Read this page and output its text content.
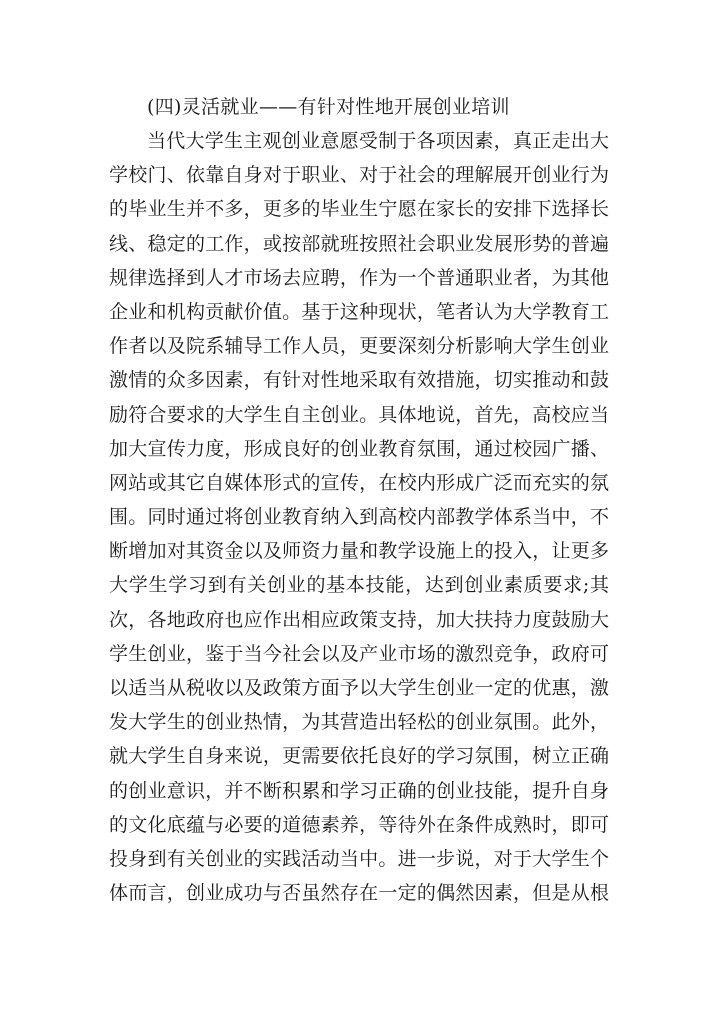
(四)灵活就业——有针对性地开展创业培训
当代大学生主观创业意愿受制于各项因素，真正走出大
学校门、依靠自身对于职业、对于社会的理解展开创业行为
的毕业生并不多，更多的毕业生宁愿在家长的安排下选择长
线、稳定的工作，或按部就班按照社会职业发展形势的普遍
规律选择到人才市场去应聘，作为一个普通职业者，为其他
企业和机构贡献价值。基于这种现状，笔者认为大学教育工
作者以及院系辅导工作人员，更要深刻分析影响大学生创业
激情的众多因素，有针对性地采取有效措施，切实推动和鼓
励符合要求的大学生自主创业。具体地说，首先，高校应当
加大宣传力度，形成良好的创业教育氛围，通过校园广播、
网站或其它自媒体形式的宣传，在校内形成广泛而充实的氛
围。同时通过将创业教育纳入到高校内部教学体系当中，不
断增加对其资金以及师资力量和教学设施上的投入，让更多
大学生学习到有关创业的基本技能，达到创业素质要求;其
次，各地政府也应作出相应政策支持，加大扶持力度鼓励大
学生创业，鉴于当今社会以及产业市场的激烈竞争，政府可
以适当从税收以及政策方面予以大学生创业一定的优惠，激
发大学生的创业热情，为其营造出轻松的创业氛围。此外，
就大学生自身来说，更需要依托良好的学习氛围，树立正确
的创业意识，并不断积累和学习正确的创业技能，提升自身
的文化底蕴与必要的道德素养，等待外在条件成熟时，即可
投身到有关创业的实践活动当中。进一步说，对于大学生个
体而言，创业成功与否虽然存在一定的偶然因素，但是从根
